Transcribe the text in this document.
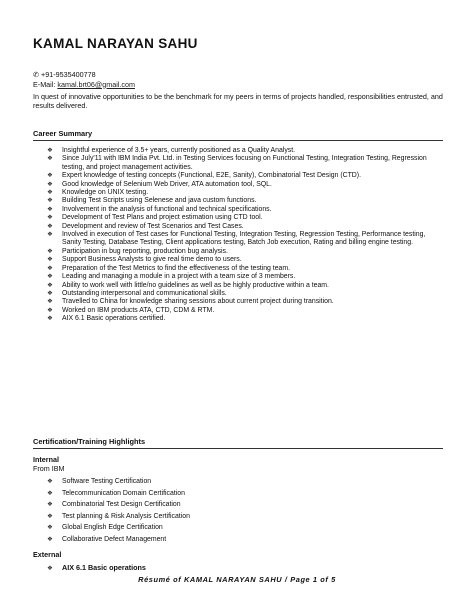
KAMAL NARAYAN SAHU
✆ +91-9535400778
E-Mail: kamal.brt06@gmail.com
In quest of innovative opportunities to be the benchmark for my peers in terms of projects handled, responsibilities entrusted, and results delivered.
Career Summary
❖ Insightful experience of 3.5+ years, currently positioned as a Quality Analyst.
❖ Since July'11 with IBM India Pvt. Ltd. in Testing Services focusing on Functional Testing, Integration Testing, Regression testing, and project management activities.
❖ Expert knowledge of testing concepts (Functional, E2E, Sanity), Combinatorial Test Design (CTD).
❖ Good knowledge of Selenium Web Driver, ATA automation tool, SQL.
❖ Knowledge on UNIX testing.
❖ Building Test Scripts using Selenese and java custom functions.
❖ Involvement in the analysis of functional and technical specifications.
❖ Development of Test Plans and project estimation using CTD tool.
❖ Development and review of Test Scenarios and Test Cases.
❖ Involved in execution of Test cases for Functional Testing, Integration Testing, Regression Testing, Performance testing, Sanity Testing, Database Testing, Client applications testing, Batch Job execution, Rating and billing engine testing.
❖ Participation in bug reporting, production bug analysis.
❖ Support Business Analysts to give real time demo to users.
❖ Preparation of the Test Metrics to find the effectiveness of the testing team.
❖ Leading and managing a module in a project with a team size of 3 members.
❖ Ability to work well with little/no guidelines as well as be highly productive within a team.
❖ Outstanding interpersonal and communicational skills.
❖ Travelled to China for knowledge sharing sessions about current project during transition.
❖ Worked on IBM products ATA, CTD, CDM & RTM.
❖ AIX 6.1 Basic operations certified.
Certification/Training Highlights
Internal
From IBM
❖ Software Testing Certification
❖ Telecommunication Domain Certification
❖ Combinatorial Test Design Certification
❖ Test planning & Risk Analysis Certification
❖ Global English Edge Certification
❖ Collaborative Defect Management
External
❖ AIX 6.1 Basic operations
Résumé of KAMAL NARAYAN SAHU / Page 1 of 5
